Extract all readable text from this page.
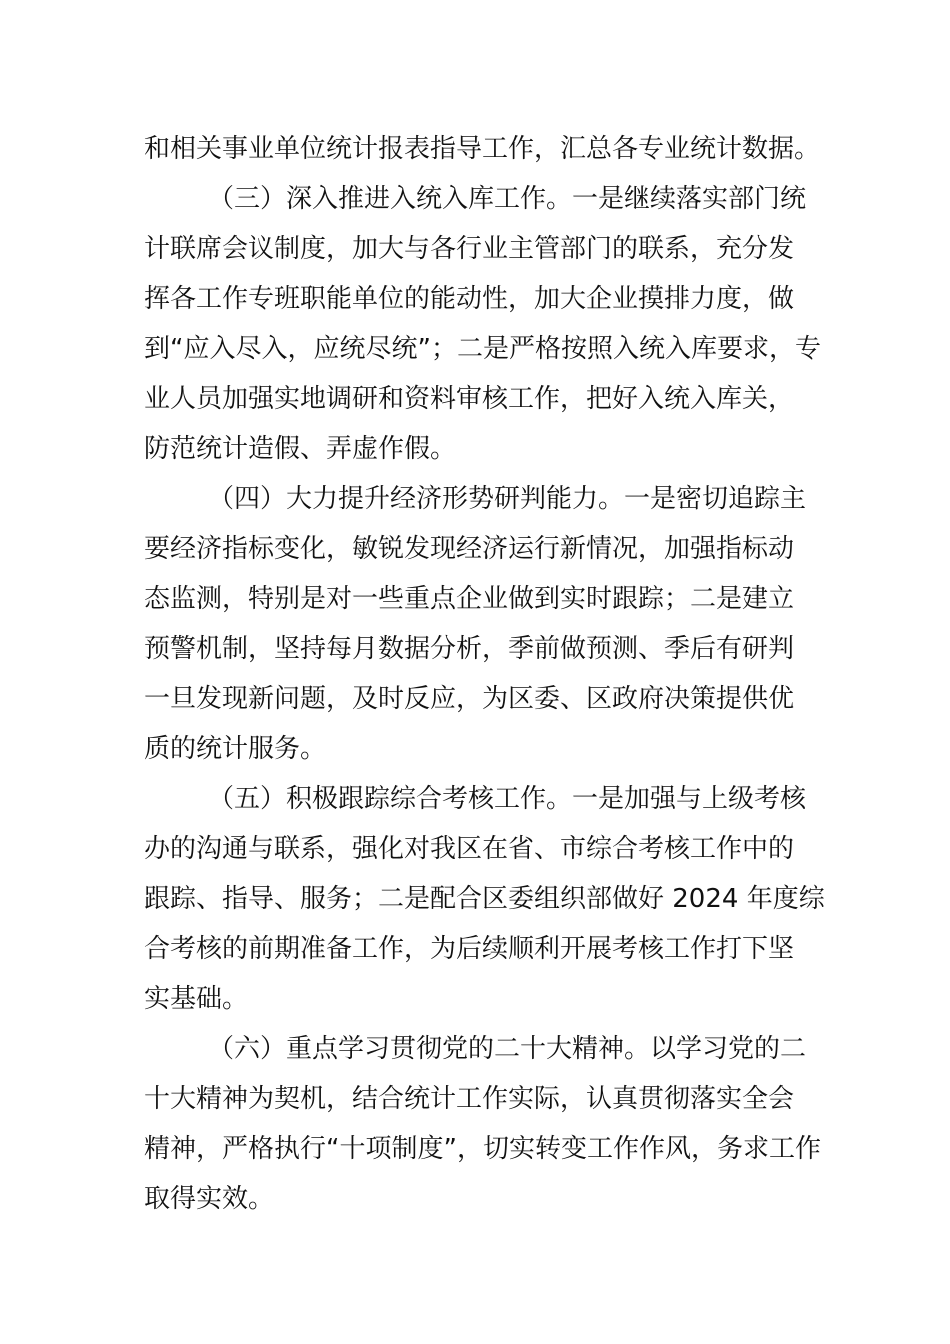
和相关事业单位统计报表指导工作，汇总各专业统计数据。
（三）深入推进入统入库工作。一是继续落实部门统
计联席会议制度，加大与各行业主管部门的联系，充分发
挥各工作专班职能单位的能动性，加大企业摸排力度，做
到“应入尽入，应统尽统”；二是严格按照入统入库要求，专
业人员加强实地调研和资料审核工作，把好入统入库关，
防范统计造假、弄虚作假。
（四）大力提升经济形势研判能力。一是密切追踪主
要经济指标变化，敏锐发现经济运行新情况，加强指标动
态监测，特别是对一些重点企业做到实时跟踪；二是建立
预警机制，坚持每月数据分析，季前做预测、季后有研判
一旦发现新问题，及时反应，为区委、区政府决策提供优
质的统计服务。
（五）积极跟踪综合考核工作。一是加强与上级考核
办的沟通与联系，强化对我区在省、市综合考核工作中的
跟踪、指导、服务；二是配合区委组织部做好 2024 年度综
合考核的前期准备工作，为后续顺利开展考核工作打下坚
实基础。
（六）重点学习贯彻党的二十大精神。以学习党的二
十大精神为契机，结合统计工作实际，认真贯彻落实全会
精神，严格执行“十项制度”，切实转变工作作风，务求工作
取得实效。
